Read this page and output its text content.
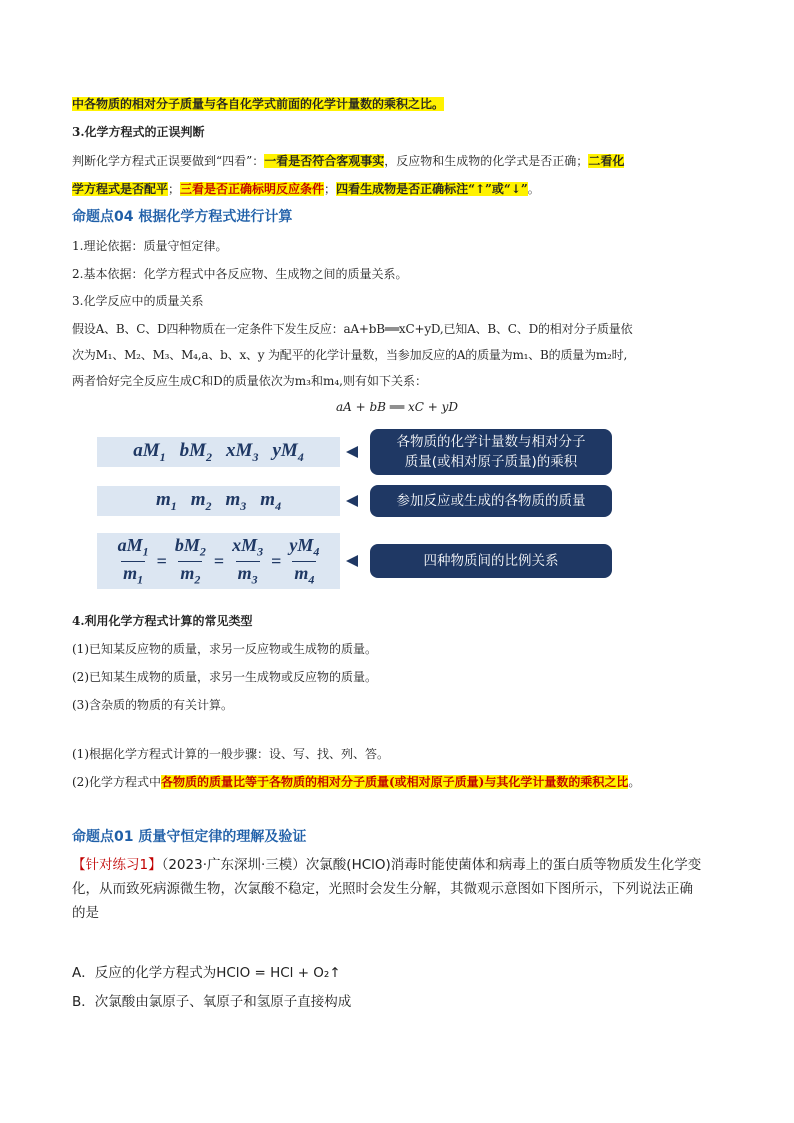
中各物质的相对分子质量与各自化学式前面的化学计量数的乘积之比。
3.化学方程式的正误判断
判断化学方程式正误要做到“四看”：一看是否符合客观事实，反应物和生成物的化学式是否正确；二看化
学方程式是否配平；三看是否正确标明反应条件；四看生成物是否正确标注“↑”或“↓”。
命题点04 根据化学方程式进行计算
1.理论依据：质量守恒定律。
2.基本依据：化学方程式中各反应物、生成物之间的质量关系。
3.化学反应中的质量关系
假设A、B、C、D四种物质在一定条件下发生反应：aA+bB══xC+yD,已知A、B、C、D的相对分子质量依
次为M₁、M₂、M₃、M₄,a、b、x、y 为配平的化学计量数，当参加反应的A的质量为m₁、B的质量为m₂时,
两者恰好完全反应生成C和D的质量依次为m₃和m₄,则有如下关系：
aA + bB ══ xC + yD
$aM_1$ $bM_2$ $xM_3$ $yM_4$
各物质的化学计量数与相对分子
质量(或相对原子质量)的乘积
$m_1$ $m_2$ $m_3$ $m_4$	参加反应或生成的各物质的质量
$\frac{aM_1}{m_1} = \frac{bM_2}{m_2} = \frac{xM_3}{m_3} = \frac{yM_4}{m_4}$	四种物质间的比例关系
4.利用化学方程式计算的常见类型
(1)已知某反应物的质量，求另一反应物或生成物的质量。
(2)已知某生成物的质量，求另一生成物或反应物的质量。
(3)含杂质的物质的有关计算。
(1)根据化学方程式计算的一般步骤：设、写、找、列、答。
(2)化学方程式中各物质的质量比等于各物质的相对分子质量(或相对原子质量)与其化学计量数的乘积之比。
命题点01 质量守恒定律的理解及验证
【针对练习1】（2023·广东深圳·三模）次氯酸(HClO)消毒时能使菌体和病毒上的蛋白质等物质发生化学变
化，从而致死病源微生物，次氯酸不稳定，光照时会发生分解，其微观示意图如下图所示，下列说法正确
的是
A．反应的化学方程式为HClO = HCl + O₂↑
B．次氯酸由氯原子、氧原子和氢原子直接构成
